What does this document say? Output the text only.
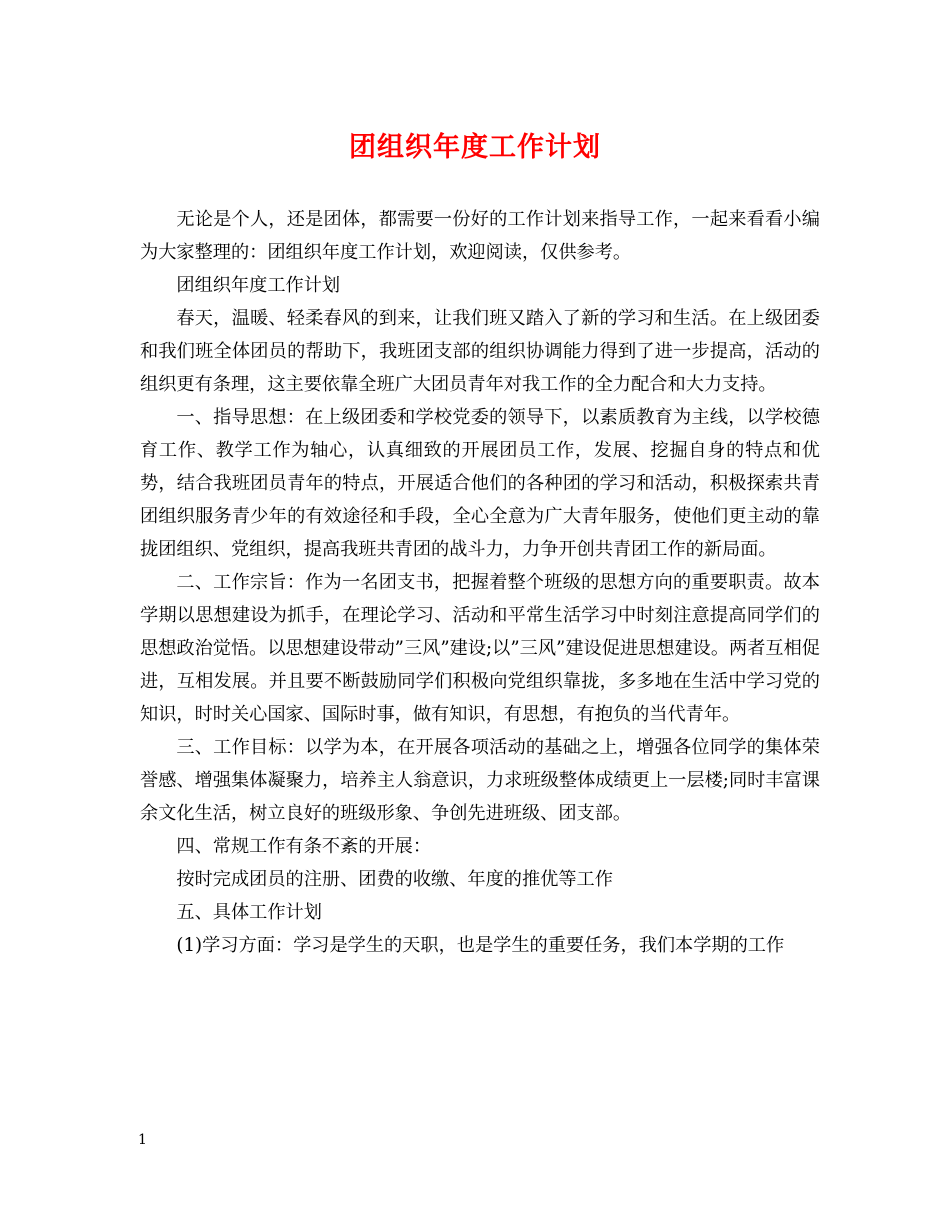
团组织年度工作计划

无论是个人，还是团体，都需要一份好的工作计划来指导工作，一起来看看小编为大家整理的：团组织年度工作计划，欢迎阅读，仅供参考。

团组织年度工作计划

春天，温暖、轻柔春风的到来，让我们班又踏入了新的学习和生活。在上级团委和我们班全体团员的帮助下，我班团支部的组织协调能力得到了进一步提高，活动的组织更有条理，这主要依靠全班广大团员青年对我工作的全力配合和大力支持。

一、指导思想：在上级团委和学校党委的领导下，以素质教育为主线，以学校德育工作、教学工作为轴心，认真细致的开展团员工作，发展、挖掘自身的特点和优势，结合我班团员青年的特点，开展适合他们的各种团的学习和活动，积极探索共青团组织服务青少年的有效途径和手段，全心全意为广大青年服务，使他们更主动的靠拢团组织、党组织，提高我班共青团的战斗力，力争开创共青团工作的新局面。

二、工作宗旨：作为一名团支书，把握着整个班级的思想方向的重要职责。故本学期以思想建设为抓手，在理论学习、活动和平常生活学习中时刻注意提高同学们的思想政治觉悟。以思想建设带动”三风”建设;以”三风”建设促进思想建设。两者互相促进，互相发展。并且要不断鼓励同学们积极向党组织靠拢，多多地在生活中学习党的知识，时时关心国家、国际时事，做有知识，有思想，有抱负的当代青年。

三、工作目标：以学为本，在开展各项活动的基础之上，增强各位同学的集体荣誉感、增强集体凝聚力，培养主人翁意识，力求班级整体成绩更上一层楼;同时丰富课余文化生活，树立良好的班级形象、争创先进班级、团支部。

四、常规工作有条不紊的开展：

按时完成团员的注册、团费的收缴、年度的推优等工作

五、具体工作计划

(1)学习方面：学习是学生的天职，也是学生的重要任务，我们本学期的工作

1
